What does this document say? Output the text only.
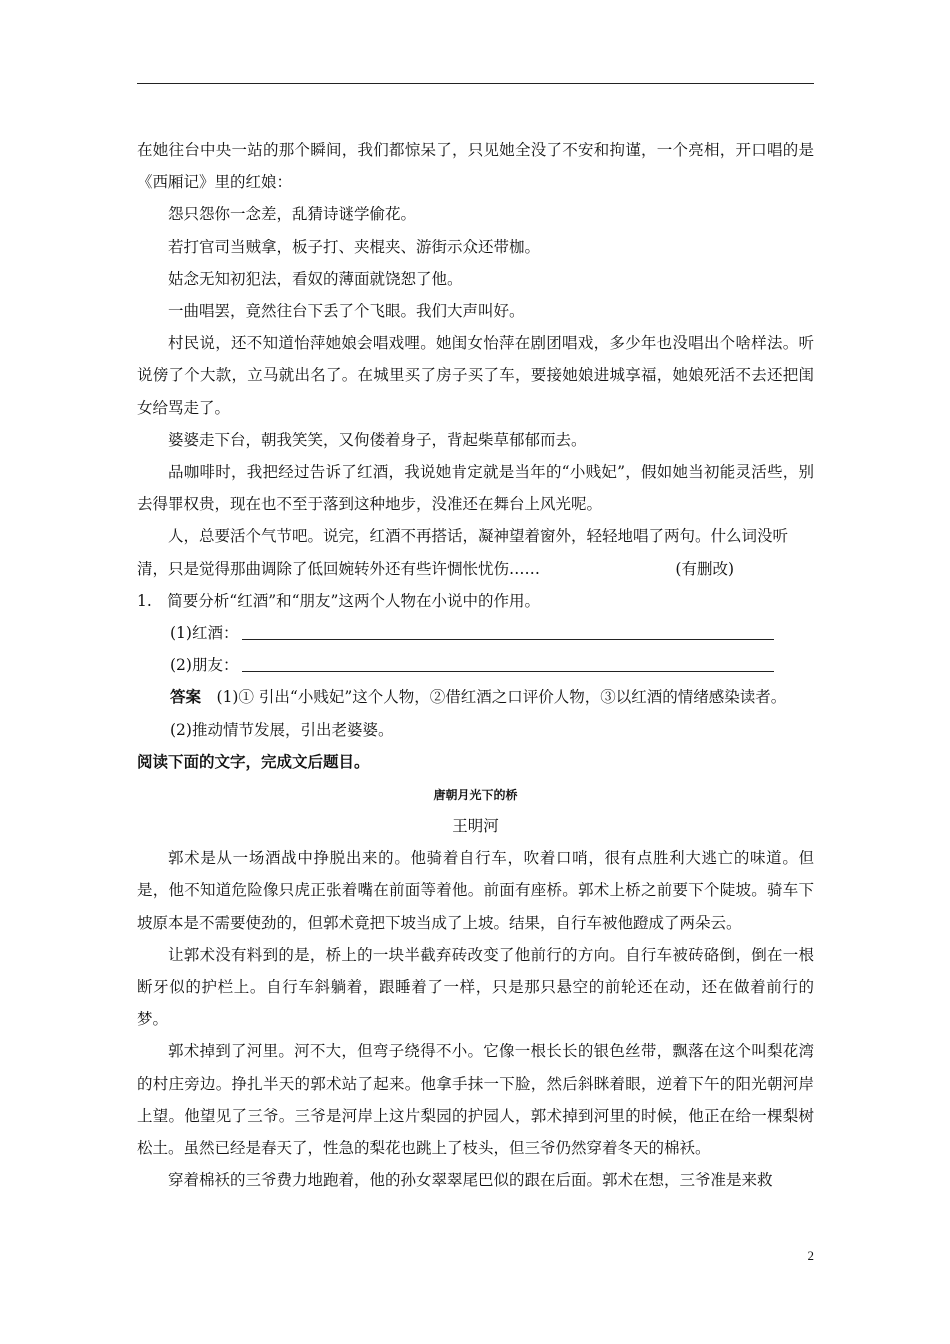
在她往台中央一站的那个瞬间，我们都惊呆了，只见她全没了不安和拘谨，一个亮相，开口唱的是《西厢记》里的红娘：

怨只怨你一念差，乱猜诗谜学偷花。

若打官司当贼拿，板子打、夹棍夹、游街示众还带枷。

姑念无知初犯法，看奴的薄面就饶恕了他。

一曲唱罢，竟然往台下丢了个飞眼。我们大声叫好。

村民说，还不知道怡萍她娘会唱戏哩。她闺女怡萍在剧团唱戏，多少年也没唱出个啥样法。听说傍了个大款，立马就出名了。在城里买了房子买了车，要接她娘进城享福，她娘死活不去还把闺女给骂走了。

婆婆走下台，朝我笑笑，又佝偻着身子，背起柴草郁郁而去。

品咖啡时，我把经过告诉了红酒，我说她肯定就是当年的“小贱妃”，假如她当初能灵活些，别去得罪权贵，现在也不至于落到这种地步，没准还在舞台上风光呢。

人，总要活个气节吧。说完，红酒不再搭话，凝神望着窗外，轻轻地唱了两句。什么词没听

清，只是觉得那曲调除了低回婉转外还有些许惆怅忧伤……	(有删改)

1.　简要分析“红酒”和“朋友”这两个人物在小说中的作用。

(1)红酒：

(2)朋友：

答案　(1)① 引出“小贱妃”这个人物，②借红酒之口评价人物，③以红酒的情绪感染读者。

(2)推动情节发展，引出老婆婆。

阅读下面的文字，完成文后题目。

唐朝月光下的桥

王明河

郭术是从一场酒战中挣脱出来的。他骑着自行车，吹着口哨，很有点胜利大逃亡的味道。但是，他不知道危险像只虎正张着嘴在前面等着他。前面有座桥。郭术上桥之前要下个陡坡。骑车下坡原本是不需要使劲的，但郭术竟把下坡当成了上坡。结果，自行车被他蹬成了两朵云。

让郭术没有料到的是，桥上的一块半截弃砖改变了他前行的方向。自行车被砖硌倒，倒在一根断牙似的护栏上。自行车斜躺着，跟睡着了一样，只是那只悬空的前轮还在动，还在做着前行的梦。

郭术掉到了河里。河不大，但弯子绕得不小。它像一根长长的银色丝带，飘落在这个叫梨花湾的村庄旁边。挣扎半天的郭术站了起来。他拿手抹一下脸，然后斜眯着眼，逆着下午的阳光朝河岸上望。他望见了三爷。三爷是河岸上这片梨园的护园人，郭术掉到河里的时候，他正在给一棵梨树松土。虽然已经是春天了，性急的梨花也跳上了枝头，但三爷仍然穿着冬天的棉袄。

穿着棉袄的三爷费力地跑着，他的孙女翠翠尾巴似的跟在后面。郭术在想，三爷准是来救

2
